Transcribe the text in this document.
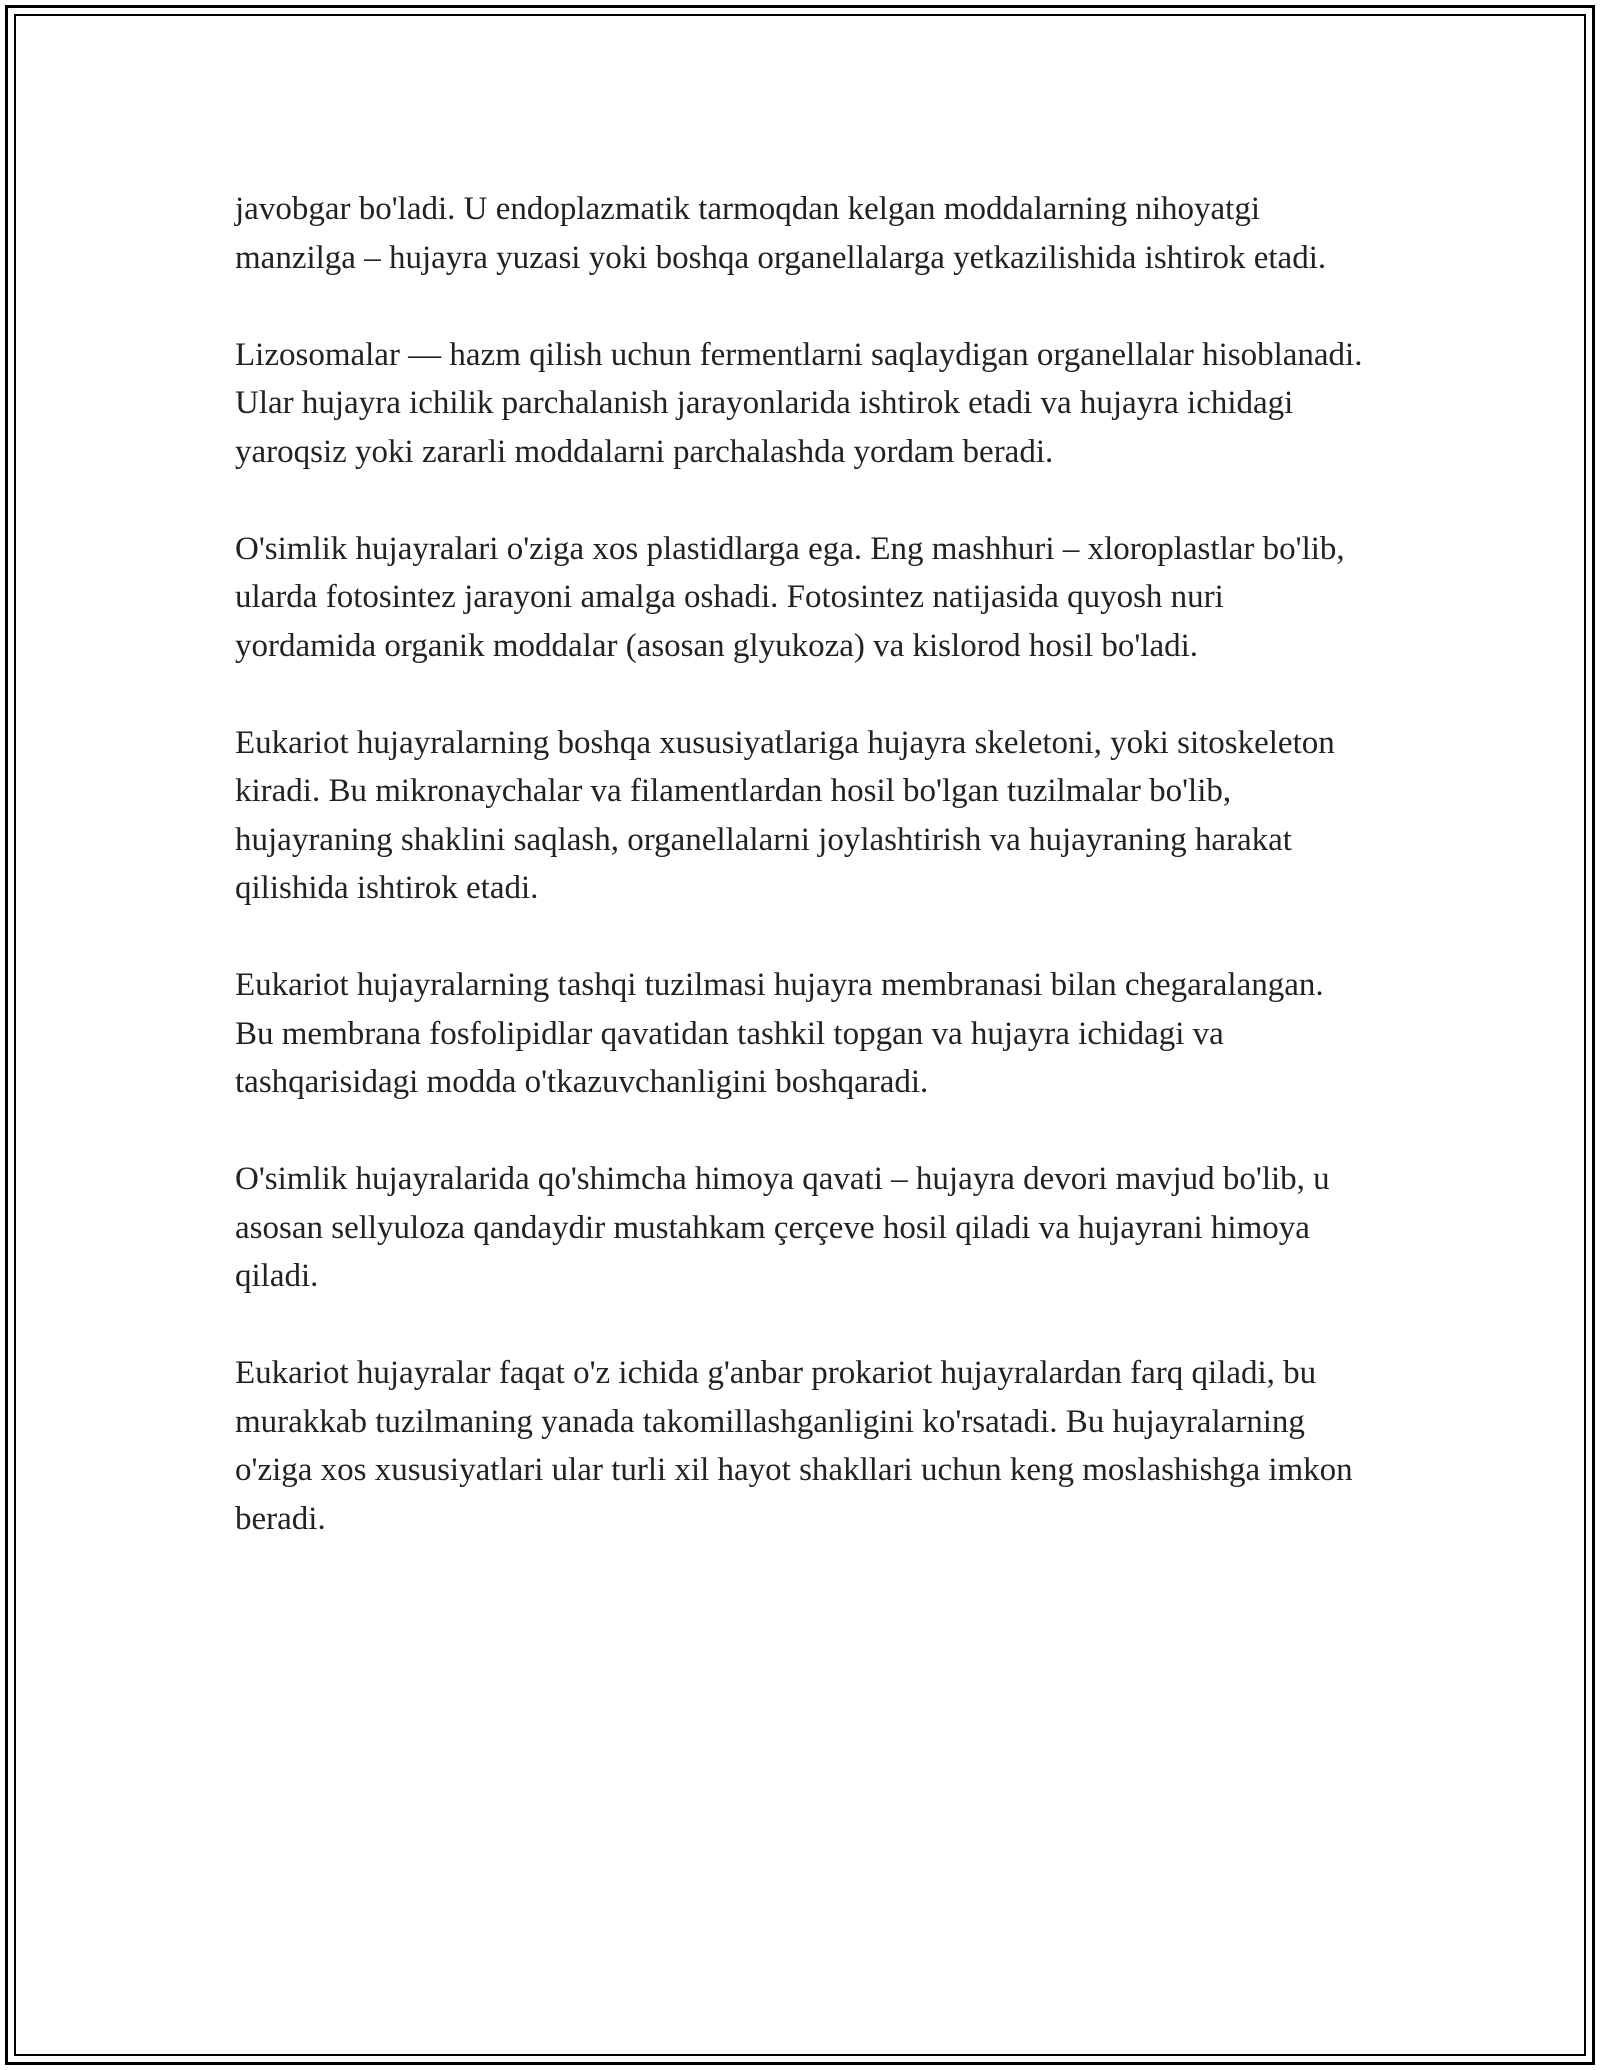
javobgar bo'ladi. U endoplazmatik tarmoqdan kelgan moddalarning nihoyatgi manzilga – hujayra yuzasi yoki boshqa organellalarga yetkazilishida ishtirok etadi.

Lizosomalar — hazm qilish uchun fermentlarni saqlaydigan organellalar hisoblanadi. Ular hujayra ichilik parchalanish jarayonlarida ishtirok etadi va hujayra ichidagi yaroqsiz yoki zararli moddalarni parchalashda yordam beradi.

O'simlik hujayralari o'ziga xos plastidlarga ega. Eng mashhuri – xloroplastlar bo'lib, ularda fotosintez jarayoni amalga oshadi. Fotosintez natijasida quyosh nuri yordamida organik moddalar (asosan glyukoza) va kislorod hosil bo'ladi.

Eukariot hujayralarning boshqa xususiyatlariga hujayra skeletoni, yoki sitoskeleton kiradi. Bu mikronaychalar va filamentlardan hosil bo'lgan tuzilmalar bo'lib, hujayraning shaklini saqlash, organellalarni joylashtirish va hujayraning harakat qilishida ishtirok etadi.

Eukariot hujayralarning tashqi tuzilmasi hujayra membranasi bilan chegaralangan. Bu membrana fosfolipidlar qavatidan tashkil topgan va hujayra ichidagi va tashqarisidagi modda o'tkazuvchanligini boshqaradi.

O'simlik hujayralarida qo'shimcha himoya qavati – hujayra devori mavjud bo'lib, u asosan sellyuloza qandaydir mustahkam çerçeve hosil qiladi va hujayrani himoya qiladi.

Eukariot hujayralar faqat o'z ichida g'anbar prokariot hujayralardan farq qiladi, bu murakkab tuzilmaning yanada takomillashganligini ko'rsatadi. Bu hujayralarning o'ziga xos xususiyatlari ular turli xil hayot shakllari uchun keng moslashishga imkon beradi.
